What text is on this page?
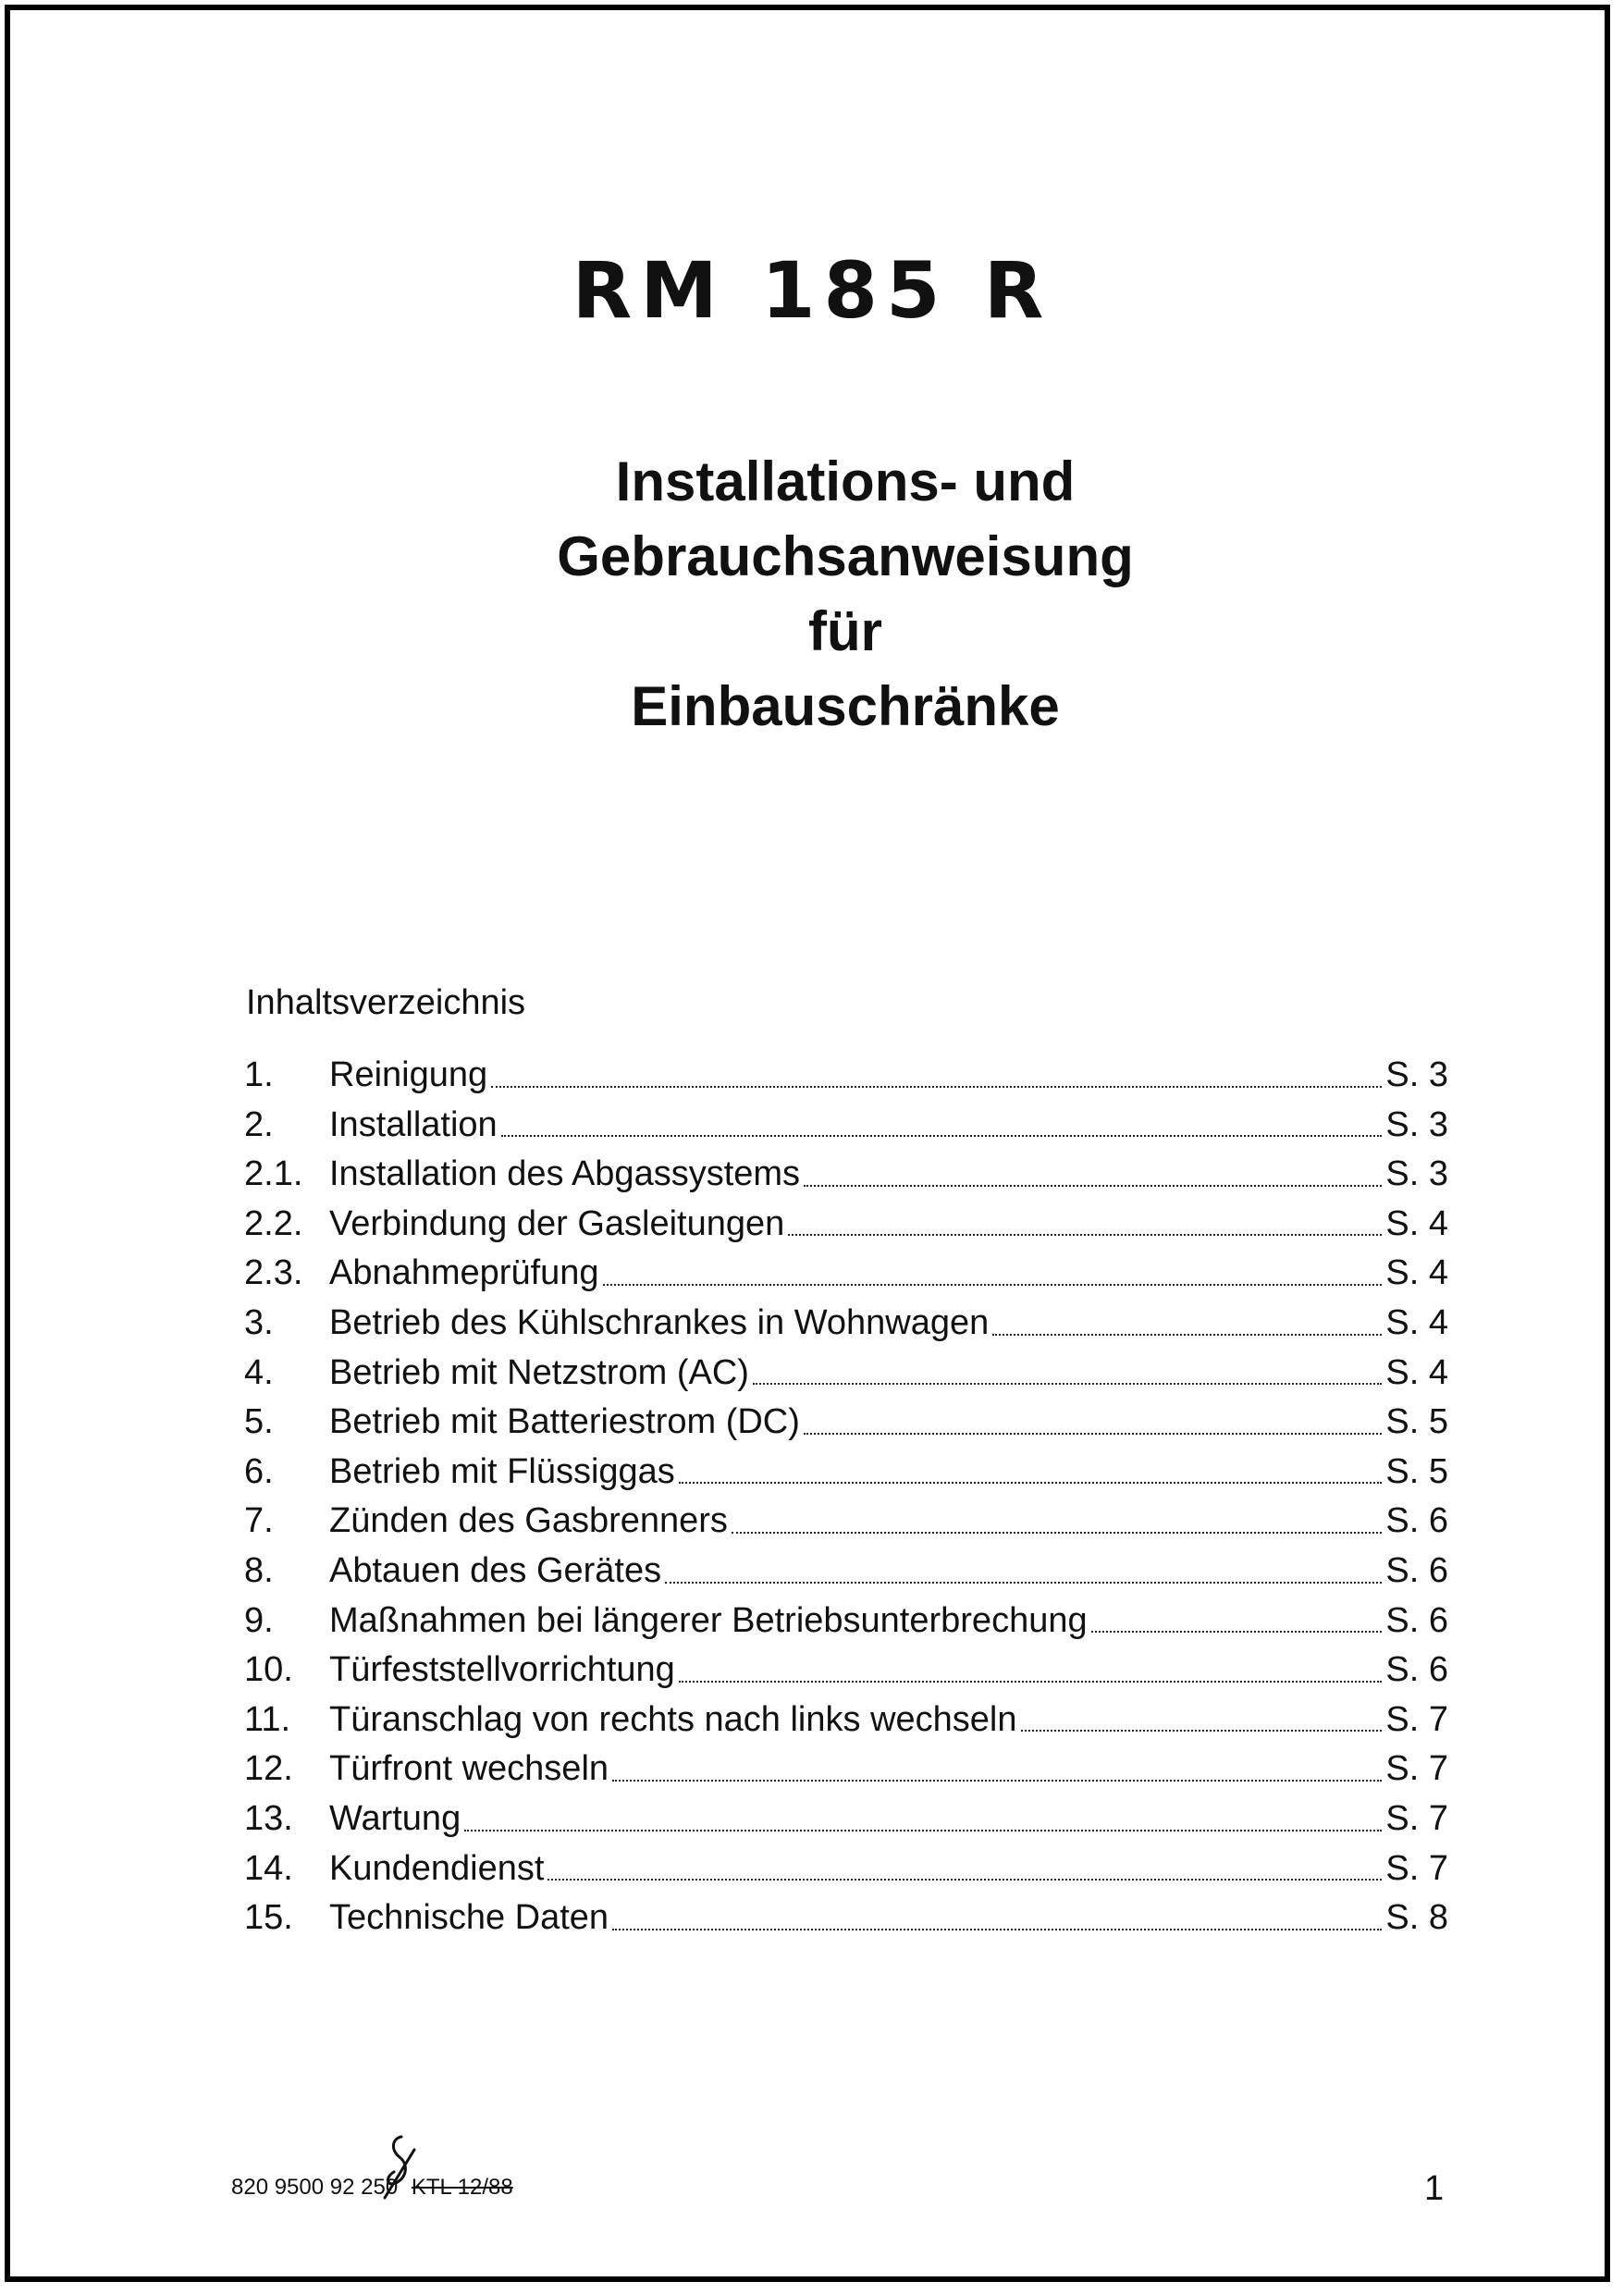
RM 185 R
Installations- und
Gebrauchsanweisung
für
Einbauschränke

Inhaltsverzeichnis

1.	Reinigung	S. 3
2.	Installation	S. 3
2.1. Installation des Abgassystems	S. 3
2.2. Verbindung der Gasleitungen	S. 4
2.3. Abnahmeprüfung	S. 4
3.	Betrieb des Kühlschrankes in Wohnwagen	S. 4
4.	Betrieb mit Netzstrom (AC)	S. 4
5.	Betrieb mit Batteriestrom (DC)	S. 5
6.	Betrieb mit Flüssiggas	S. 5
7.	Zünden des Gasbrenners	S. 6
8.	Abtauen des Gerätes	S. 6
9.	Maßnahmen bei längerer Betriebsunterbrechung	S. 6
10.	Türfeststellvorrichtung	S. 6
11.	Türanschlag von rechts nach links wechseln	S. 7
12.	Türfront wechseln	S. 7
13.	Wartung	S. 7
14.	Kundendienst	S. 7
15.	Technische Daten	S. 8

820 9500 92 250 KTL 12/88	1
